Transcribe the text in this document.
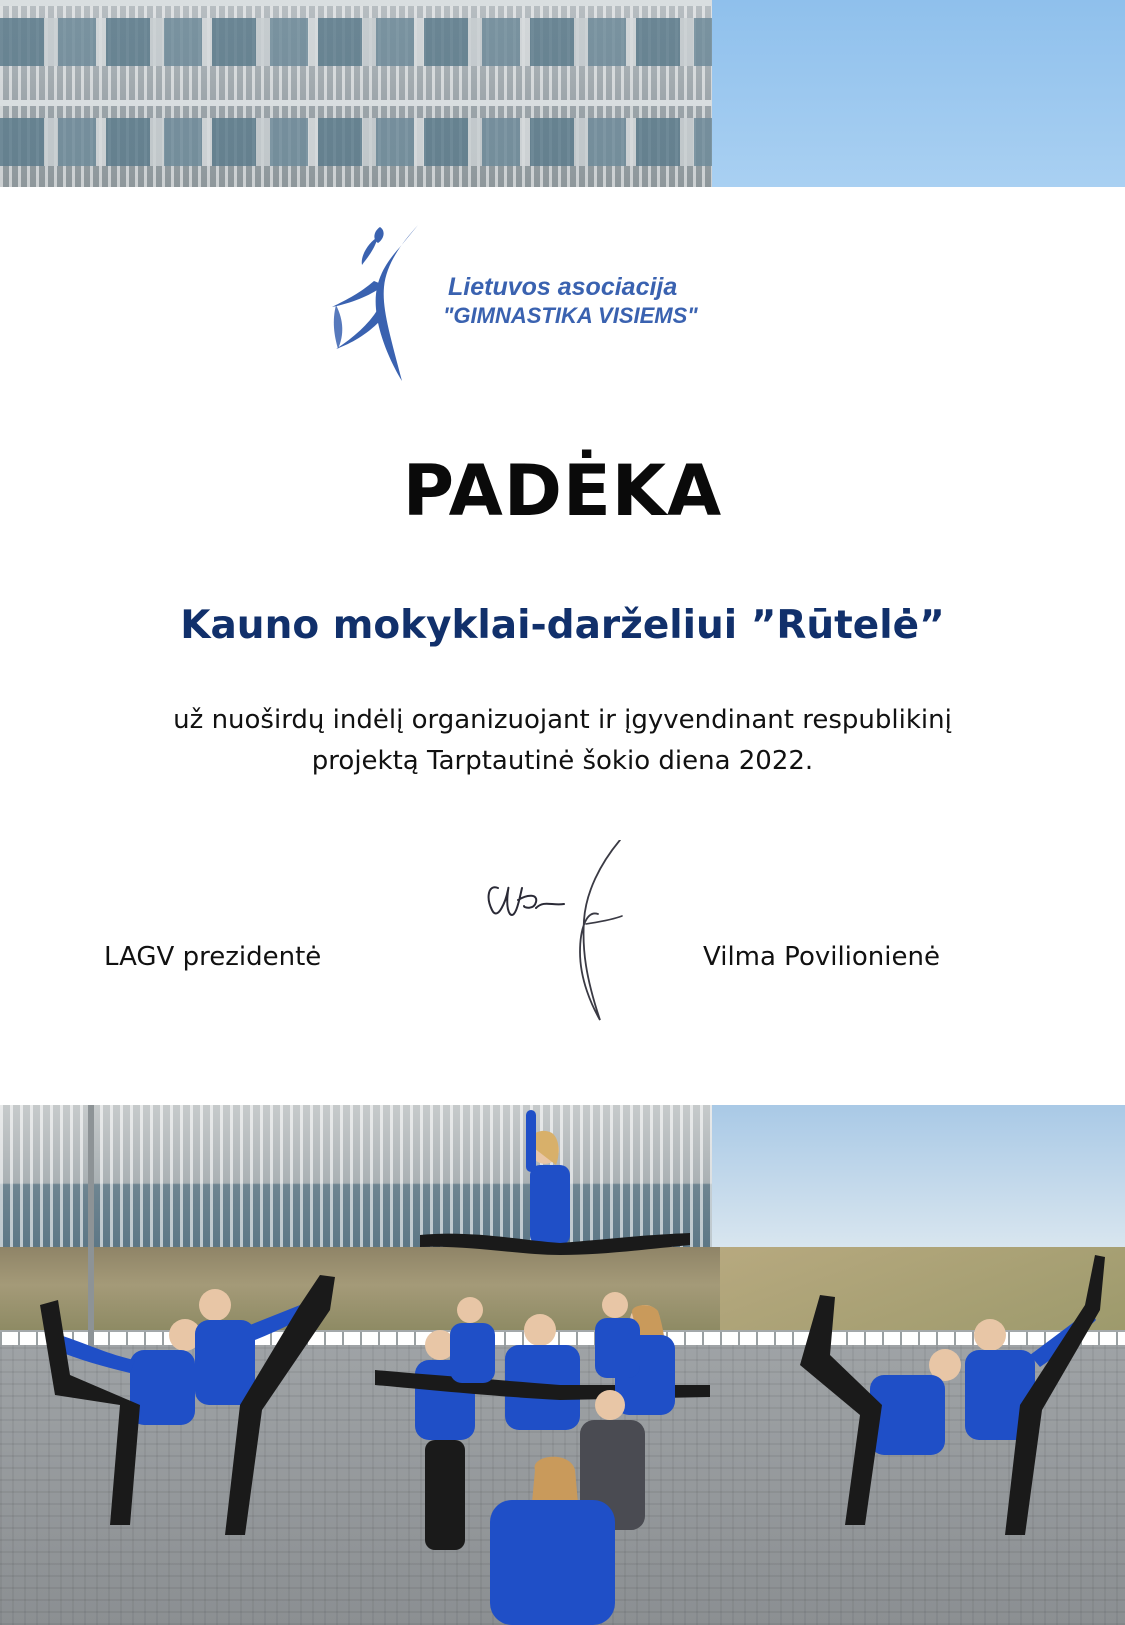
Lietuvos asociacija
"GIMNASTIKA VISIEMS"
PADĖKA
Kauno mokyklai-darželiui ”Rūtelė”
už nuoširdų indėlį organizuojant ir įgyvendinant respublikinį
projektą Tarptautinė šokio diena 2022.
LAGV prezidentė	Vilma Povilionienė
